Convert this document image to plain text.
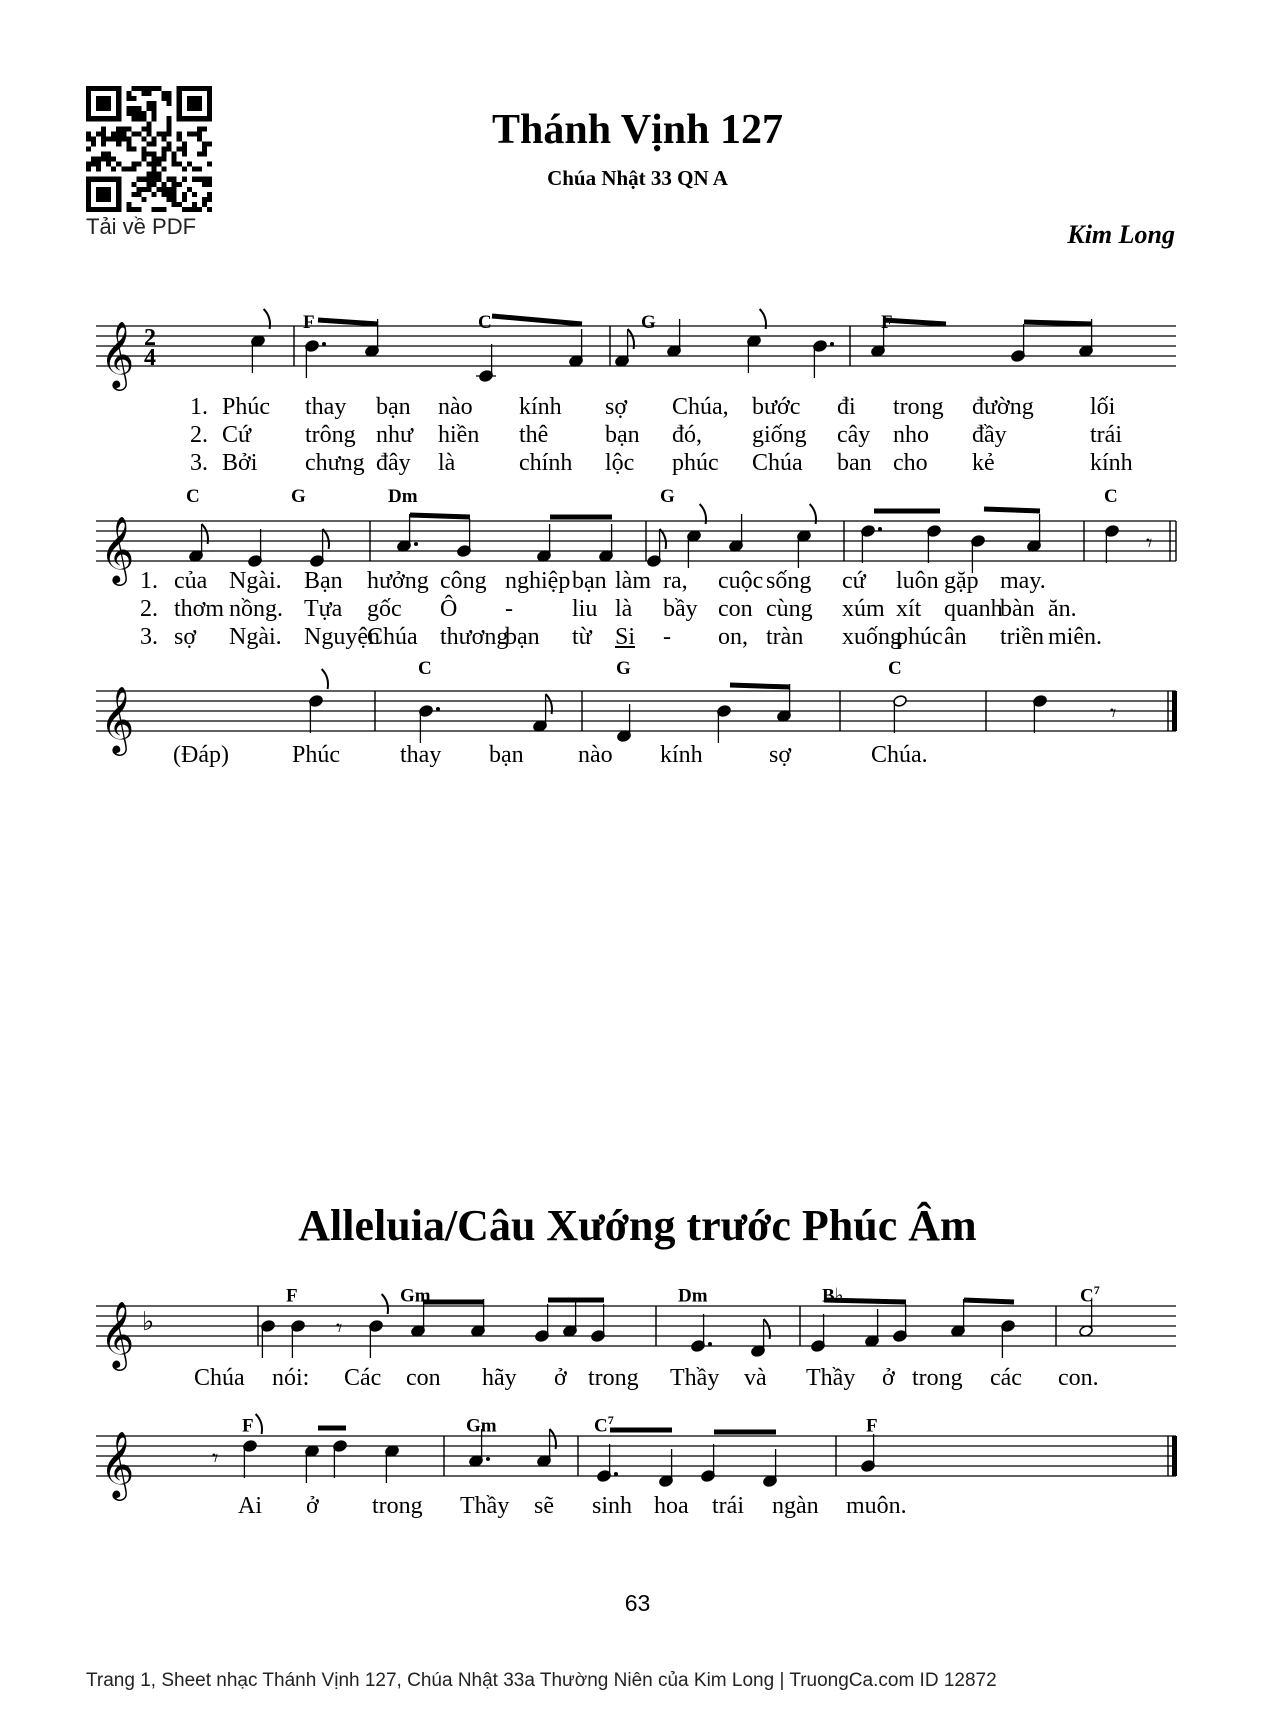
Tải về PDF
Thánh Vịnh 127
Chúa Nhật 33 QN A
Kim Long
𝄞 2
4
𝄞	𝄾
𝄞	𝄾
F	C	G	F
1. Phúc thay bạn nào kính sợ Chúa, bước đi trong đường lối
2. Cứ trông như hiền thê bạn đó, giống cây nho đầy	trái
3. Bởi chưng đây là	chính lộc phúc Chúa ban cho kẻ	kính
C	G	Dm	G	C
1. của Ngài. Bạn hưởng công nghiệp bạn làm ra, cuộc sống cứ luôn gặp may.
2. thơm nồng. Tựa gốc Ô - liu là bầy con cùng xúm xít quanh
bàn ăn.
3. sợ Ngài. Nguyện
Chúa thương
bạn từ Si - on, tràn xuống
phúc ân triền miên.
C	G	C
(Đáp)	Phúc	thay bạn nào kính	sợ	Chúa.
Alleluia/Câu Xướng trước Phúc Âm
𝄞 ♭	𝄾
𝄞	𝄾
F	Gm	Dm	B♭	$C^7$
Chúa nói: Các con hãy ở trong Thầy và Thầy ở trong các con.
F	Gm	$C^7$	F
Ai ở trong Thầy sẽ sinh hoa trái ngàn muôn.
63
Trang 1, Sheet nhạc Thánh Vịnh 127, Chúa Nhật 33a Thường Niên của Kim Long | TruongCa.com ID 12872
